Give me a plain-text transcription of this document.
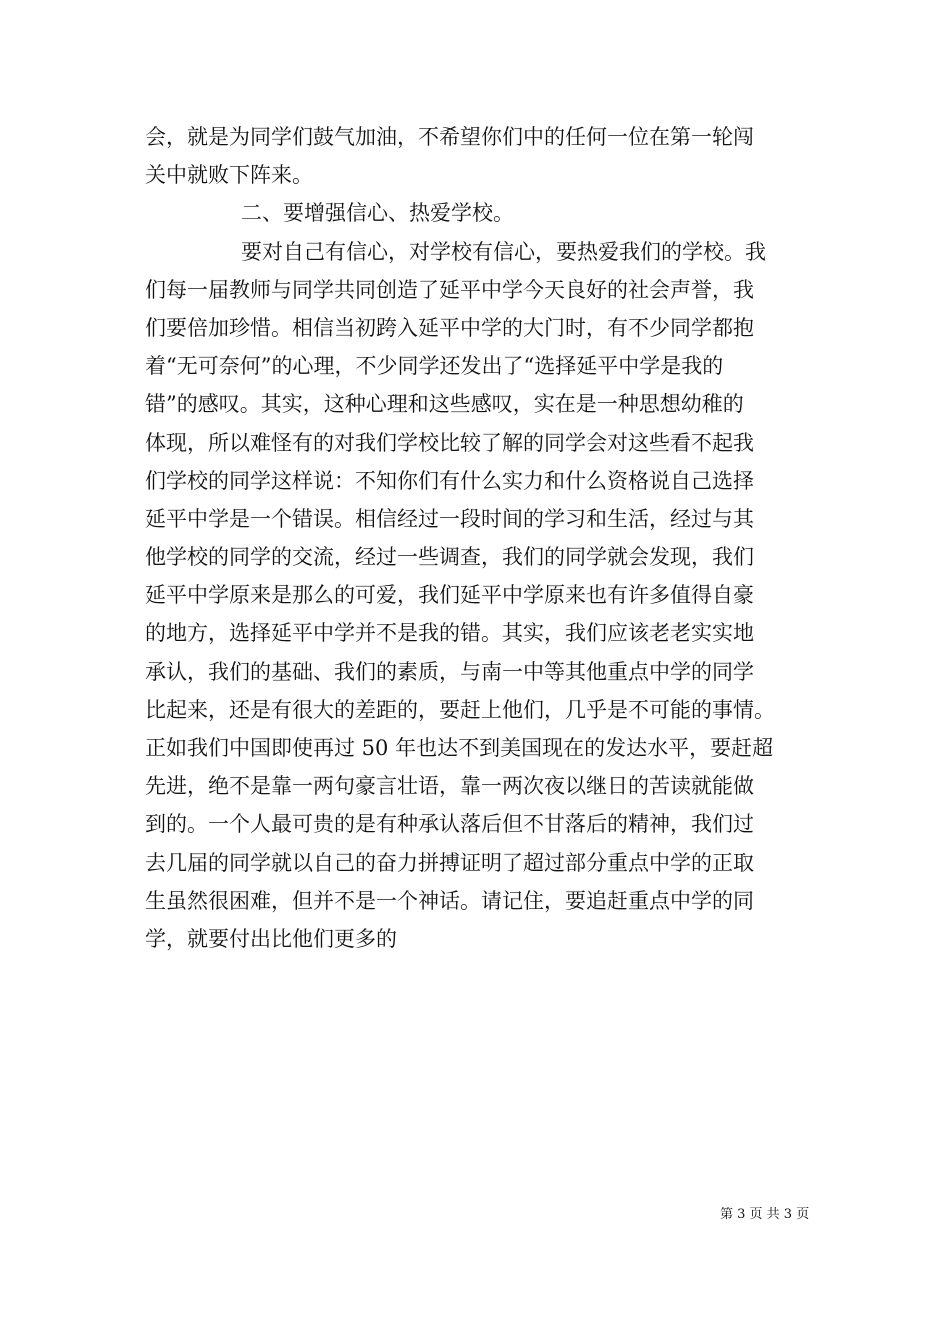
会，就是为同学们鼓气加油，不希望你们中的任何一位在第一轮闯
关中就败下阵来。
二、要增强信心、热爱学校。
要对自己有信心，对学校有信心，要热爱我们的学校。我
们每一届教师与同学共同创造了延平中学今天良好的社会声誉，我
们要倍加珍惜。相信当初跨入延平中学的大门时，有不少同学都抱
着“无可奈何”的心理，不少同学还发出了“选择延平中学是我的
错”的感叹。其实，这种心理和这些感叹，实在是一种思想幼稚的
体现，所以难怪有的对我们学校比较了解的同学会对这些看不起我
们学校的同学这样说：不知你们有什么实力和什么资格说自己选择
延平中学是一个错误。相信经过一段时间的学习和生活，经过与其
他学校的同学的交流，经过一些调查，我们的同学就会发现，我们
延平中学原来是那么的可爱，我们延平中学原来也有许多值得自豪
的地方，选择延平中学并不是我的错。其实，我们应该老老实实地
承认，我们的基础、我们的素质，与南一中等其他重点中学的同学
比起来，还是有很大的差距的，要赶上他们，几乎是不可能的事情。
正如我们中国即使再过 50 年也达不到美国现在的发达水平，要赶超
先进，绝不是靠一两句豪言壮语，靠一两次夜以继日的苦读就能做
到的。一个人最可贵的是有种承认落后但不甘落后的精神，我们过
去几届的同学就以自己的奋力拼搏证明了超过部分重点中学的正取
生虽然很困难，但并不是一个神话。请记住，要追赶重点中学的同
学，就要付出比他们更多的
第 3 页 共 3 页
